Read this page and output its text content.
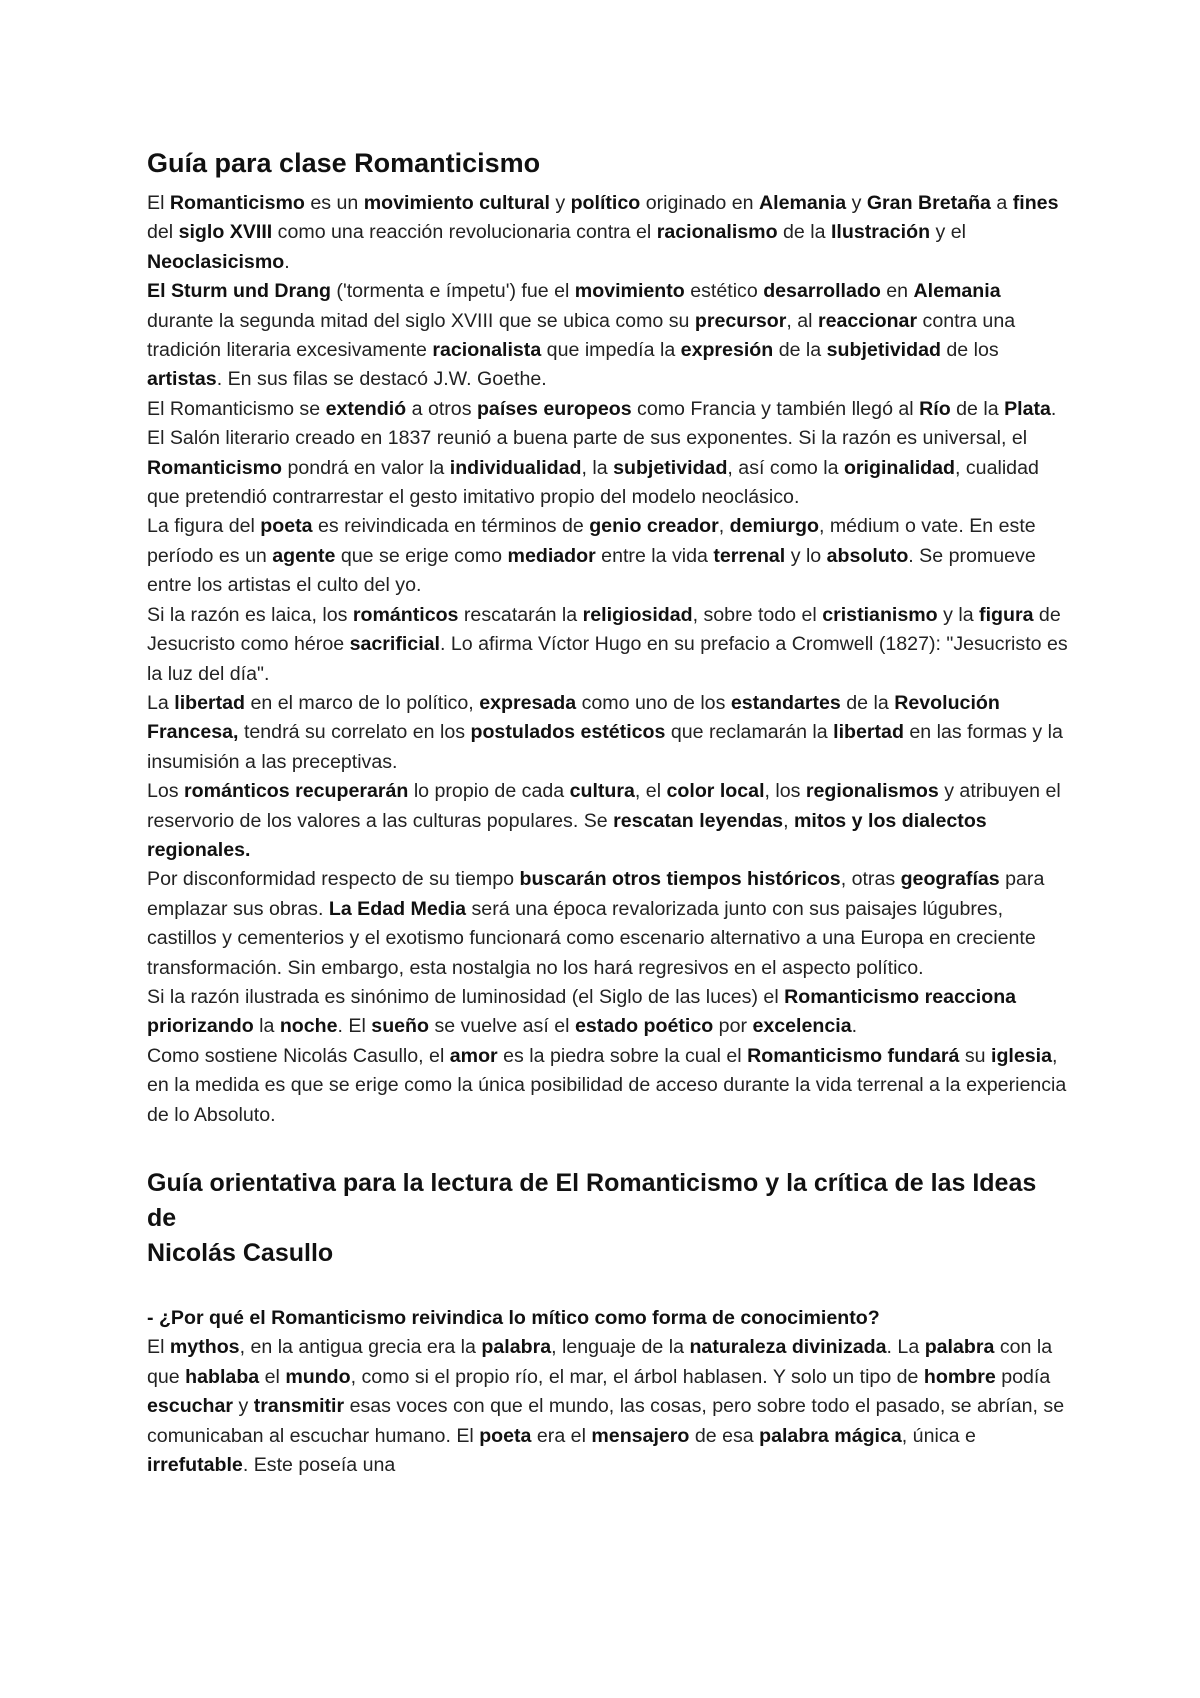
Guía para clase Romanticismo

El Romanticismo es un movimiento cultural y político originado en Alemania y Gran Bretaña a fines del siglo XVIII como una reacción revolucionaria contra el racionalismo de la Ilustración y el Neoclasicismo.

El Sturm und Drang ('tormenta e ímpetu') fue el movimiento estético desarrollado en Alemania durante la segunda mitad del siglo XVIII que se ubica como su precursor, al reaccionar contra una tradición literaria excesivamente racionalista que impedía la expresión de la subjetividad de los artistas. En sus filas se destacó J.W. Goethe.

El Romanticismo se extendió a otros países europeos como Francia y también llegó al Río de la Plata. El Salón literario creado en 1837 reunió a buena parte de sus exponentes. Si la razón es universal, el Romanticismo pondrá en valor la individualidad, la subjetividad, así como la originalidad, cualidad que pretendió contrarrestar el gesto imitativo propio del modelo neoclásico.

La figura del poeta es reivindicada en términos de genio creador, demiurgo, médium o vate. En este período es un agente que se erige como mediador entre la vida terrenal y lo absoluto. Se promueve entre los artistas el culto del yo.

Si la razón es laica, los románticos rescatarán la religiosidad, sobre todo el cristianismo y la figura de Jesucristo como héroe sacrificial. Lo afirma Víctor Hugo en su prefacio a Cromwell (1827): "Jesucristo es la luz del día".

La libertad en el marco de lo político, expresada como uno de los estandartes de la Revolución Francesa, tendrá su correlato en los postulados estéticos que reclamarán la libertad en las formas y la insumisión a las preceptivas.

Los románticos recuperarán lo propio de cada cultura, el color local, los regionalismos y atribuyen el reservorio de los valores a las culturas populares. Se rescatan leyendas, mitos y los dialectos regionales.

Por disconformidad respecto de su tiempo buscarán otros tiempos históricos, otras geografías para emplazar sus obras. La Edad Media será una época revalorizada junto con sus paisajes lúgubres, castillos y cementerios y el exotismo funcionará como escenario alternativo a una Europa en creciente transformación. Sin embargo, esta nostalgia no los hará regresivos en el aspecto político.

Si la razón ilustrada es sinónimo de luminosidad (el Siglo de las luces) el Romanticismo reacciona priorizando la noche. El sueño se vuelve así el estado poético por excelencia.

Como sostiene Nicolás Casullo, el amor es la piedra sobre la cual el Romanticismo fundará su iglesia, en la medida es que se erige como la única posibilidad de acceso durante la vida terrenal a la experiencia de lo Absoluto.

Guía orientativa para la lectura de El Romanticismo y la crítica de las Ideas de
Nicolás Casullo

- ¿Por qué el Romanticismo reivindica lo mítico como forma de conocimiento?

El mythos, en la antigua grecia era la palabra, lenguaje de la naturaleza divinizada. La palabra con la que hablaba el mundo, como si el propio río, el mar, el árbol hablasen. Y solo un tipo de hombre podía escuchar y transmitir esas voces con que el mundo, las cosas, pero sobre todo el pasado, se abrían, se comunicaban al escuchar humano. El poeta era el mensajero de esa palabra mágica, única e irrefutable. Este poseía una
